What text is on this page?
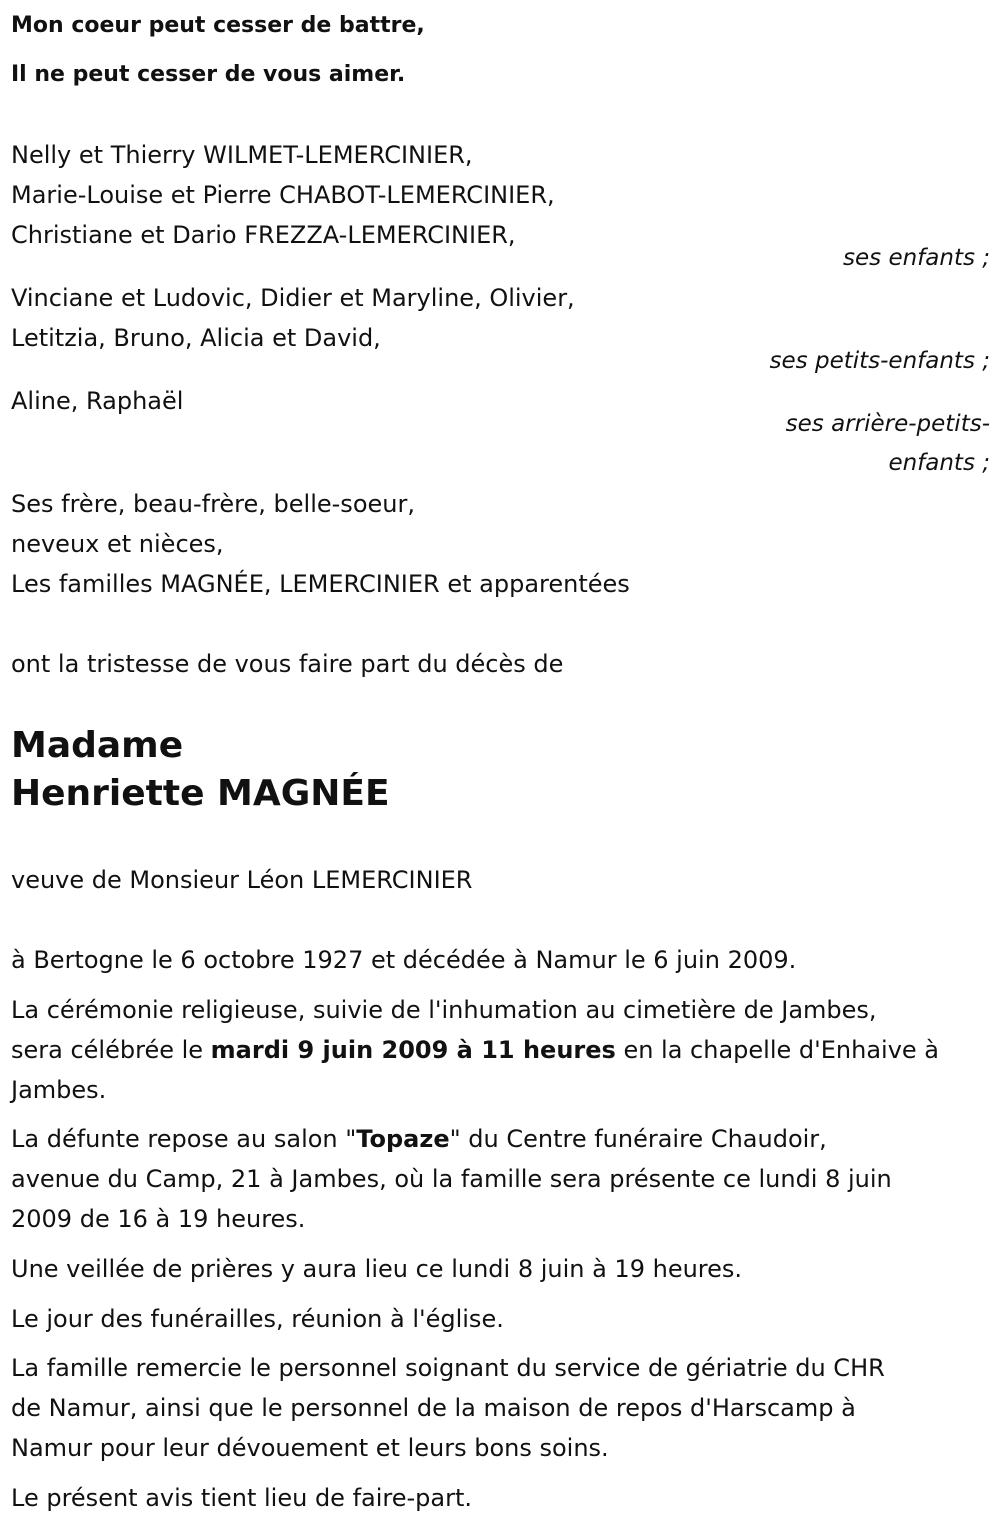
Mon coeur peut cesser de battre,
Il ne peut cesser de vous aimer.
Nelly et Thierry WILMET-LEMERCINIER,
Marie-Louise et Pierre CHABOT-LEMERCINIER,
Christiane et Dario FREZZA-LEMERCINIER,
ses enfants ;
Vinciane et Ludovic, Didier et Maryline, Olivier,
Letitzia, Bruno, Alicia et David,
ses petits-enfants ;
Aline, Raphaël
ses arrière-petits-
enfants ;
Ses frère, beau-frère, belle-soeur,
neveux et nièces,
Les familles MAGNÉE, LEMERCINIER et apparentées
ont la tristesse de vous faire part du décès de
Madame
Henriette MAGNÉE
veuve de Monsieur Léon LEMERCINIER
à Bertogne le 6 octobre 1927 et décédée à Namur le 6 juin 2009.
La cérémonie religieuse, suivie de l'inhumation au cimetière de Jambes,
sera célébrée le mardi 9 juin 2009 à 11 heures en la chapelle d'Enhaive à
Jambes.
La défunte repose au salon "Topaze" du Centre funéraire Chaudoir,
avenue du Camp, 21 à Jambes, où la famille sera présente ce lundi 8 juin
2009 de 16 à 19 heures.
Une veillée de prières y aura lieu ce lundi 8 juin à 19 heures.
Le jour des funérailles, réunion à l'église.
La famille remercie le personnel soignant du service de gériatrie du CHR
de Namur, ainsi que le personnel de la maison de repos d'Harscamp à
Namur pour leur dévouement et leurs bons soins.
Le présent avis tient lieu de faire-part.
